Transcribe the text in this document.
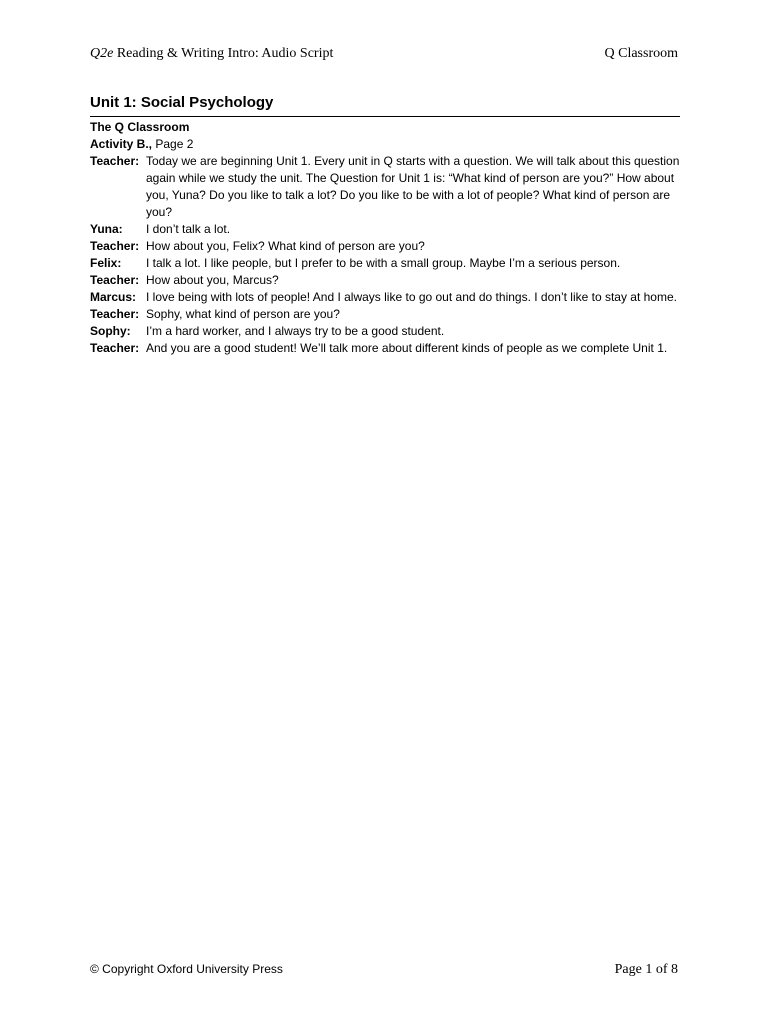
Q2e Reading & Writing Intro: Audio Script	Q Classroom
Unit 1: Social Psychology
The Q Classroom
Activity B., Page 2
Teacher:	Today we are beginning Unit 1. Every unit in Q starts with a question. We will talk about this question again while we study the unit. The Question for Unit 1 is: “What kind of person are you?” How about you, Yuna? Do you like to talk a lot? Do you like to be with a lot of people? What kind of person are you?
Yuna:	I don’t talk a lot.
Teacher:	How about you, Felix? What kind of person are you?
Felix:	I talk a lot. I like people, but I prefer to be with a small group. Maybe I’m a serious person.
Teacher:	How about you, Marcus?
Marcus:	I love being with lots of people! And I always like to go out and do things. I don’t like to stay at home.
Teacher:	Sophy, what kind of person are you?
Sophy:	I’m a hard worker, and I always try to be a good student.
Teacher:	And you are a good student! We’ll talk more about different kinds of people as we complete Unit 1.
© Copyright Oxford University Press	Page 1 of 8
